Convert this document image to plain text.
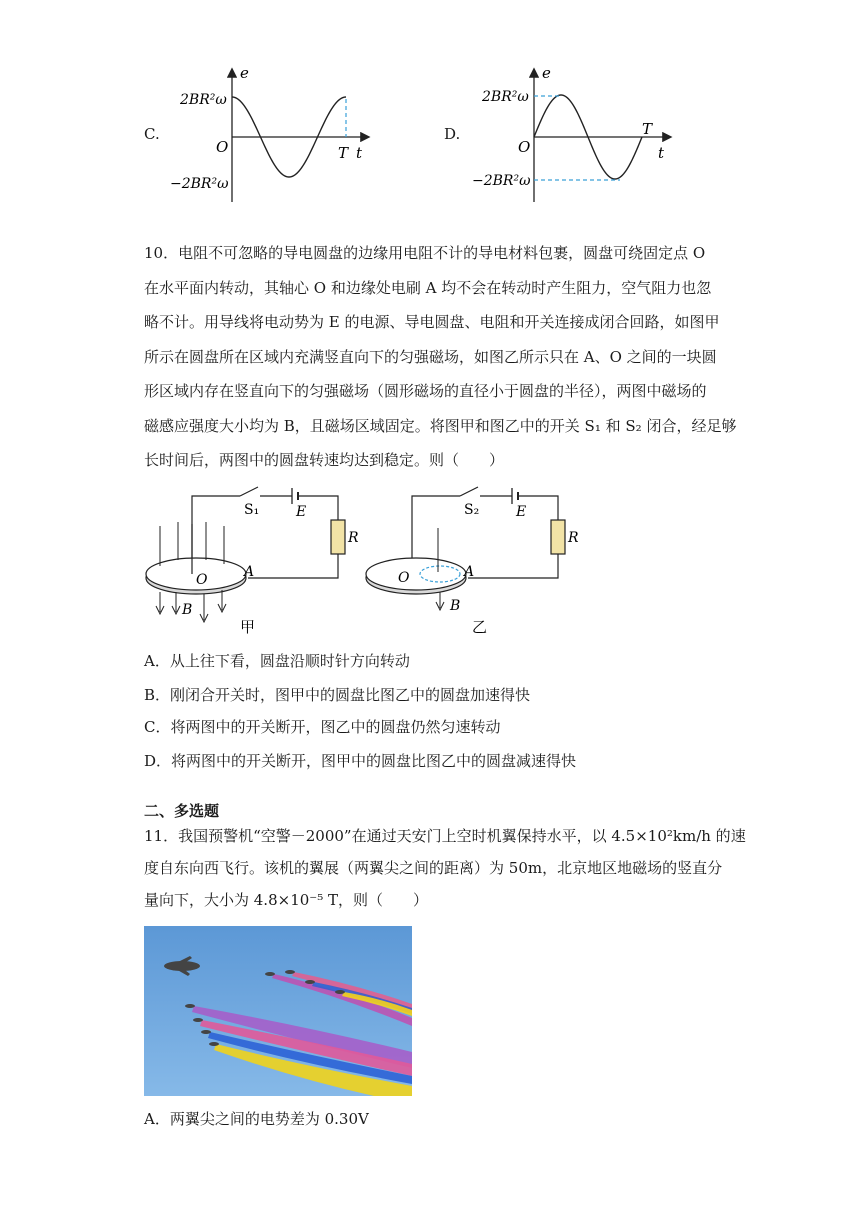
C.
e
t
O	T
2BR²ω
−2BR²ω
D.
e
t
O
T
2BR²ω
−2BR²ω
10．电阻不可忽略的导电圆盘的边缘用电阻不计的导电材料包裹，圆盘可绕固定点 O
在水平面内转动，其轴心 O 和边缘处电刷 A 均不会在转动时产生阻力，空气阻力也忽
略不计。用导线将电动势为 E 的电源、导电圆盘、电阻和开关连接成闭合回路，如图甲
所示在圆盘所在区域内充满竖直向下的匀强磁场，如图乙所示只在 A、O 之间的一块圆
形区域内存在竖直向下的匀强磁场（圆形磁场的直径小于圆盘的半径），两图中磁场的
磁感应强度大小均为 B，且磁场区域固定。将图甲和图乙中的开关 S₁ 和 S₂ 闭合，经足够
长时间后，两图中的圆盘转速均达到稳定。则（　　）
S₁	E
R
O	A
B
甲
S₂	E
R
O	A
B
乙
A．从上往下看，圆盘沿顺时针方向转动
B．刚闭合开关时，图甲中的圆盘比图乙中的圆盘加速得快
C．将两图中的开关断开，图乙中的圆盘仍然匀速转动
D．将两图中的开关断开，图甲中的圆盘比图乙中的圆盘减速得快
二、多选题
11．我国预警机“空警－2000”在通过天安门上空时机翼保持水平，以 4.5×10²km/h 的速
度自东向西飞行。该机的翼展（两翼尖之间的距离）为 50m，北京地区地磁场的竖直分
量向下，大小为 4.8×10⁻⁵ T，则（　　）
A．两翼尖之间的电势差为 0.30V
